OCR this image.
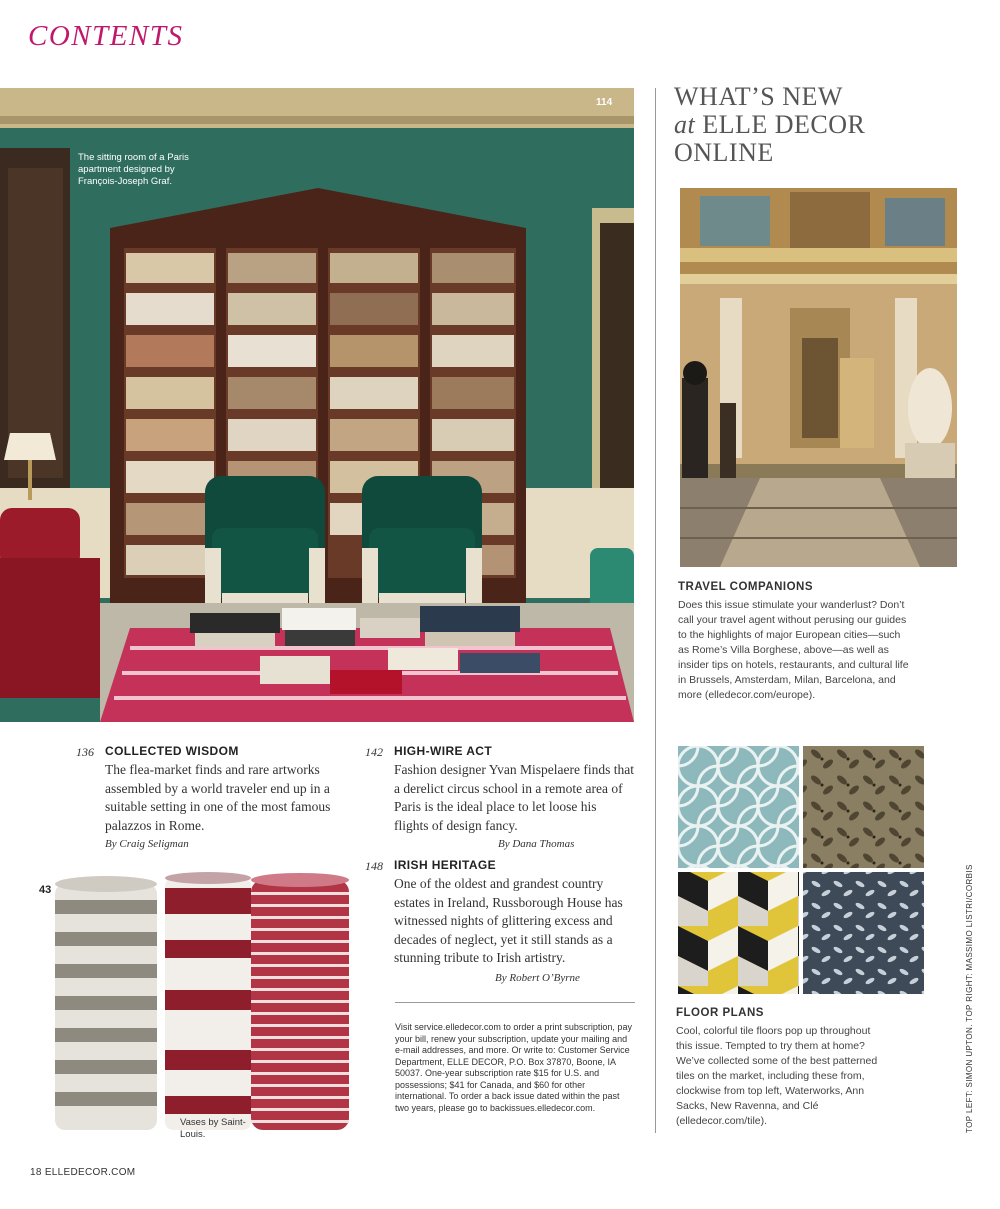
CONTENTS
114
The sitting room of a Paris apartment designed by François-Joseph Graf.
WHAT’S NEW
at ELLE DECOR
ONLINE
TRAVEL COMPANIONS
Does this issue stimulate your wanderlust? Don’t call your travel agent without perusing our guides to the highlights of major European cities—such as Rome’s Villa Borghese, above—as well as insider tips on hotels, restaurants, and cultural life in Brussels, Amsterdam, Milan, Barcelona, and more (elledecor.com/europe).
FLOOR PLANS
Cool, colorful tile floors pop up throughout this issue. Tempted to try them at home? We’ve collected some of the best patterned tiles on the market, including these from, clockwise from top left, Waterworks, Ann Sacks, New Ravenna, and Clé (elledecor.com/tile).	TOP LEFT: SIMON UPTON. TOP RIGHT: MASSIMO LISTRI/CORBIS
136 COLLECTED WISDOM
The flea-market finds and rare artworks assembled by a world traveler end up in a suitable setting in one of the most famous palazzos in Rome.
By Craig Seligman
142 HIGH-WIRE ACT
Fashion designer Yvan Mispelaere finds that a derelict circus school in a remote area of Paris is the ideal place to let loose his flights of design fancy.
By Dana Thomas
148 IRISH HERITAGE
One of the oldest and grandest country estates in Ireland, Russborough House has witnessed nights of glittering excess and decades of neglect, yet it still stands as a stunning tribute to Irish artistry.
By Robert O’Byrne
Visit service.elledecor.com to order a print subscription, pay your bill, renew your subscription, update your mailing and e-mail addresses, and more. Or write to: Customer Service Department, ELLE DECOR, P.O. Box 37870, Boone, IA 50037. One-year subscription rate $15 for U.S. and possessions; $41 for Canada, and $60 for other international. To order a back issue dated within the past two years, please go to backissues.elledecor.com.
43
Vases by Saint-Louis.
18 ELLEDECOR.COM
